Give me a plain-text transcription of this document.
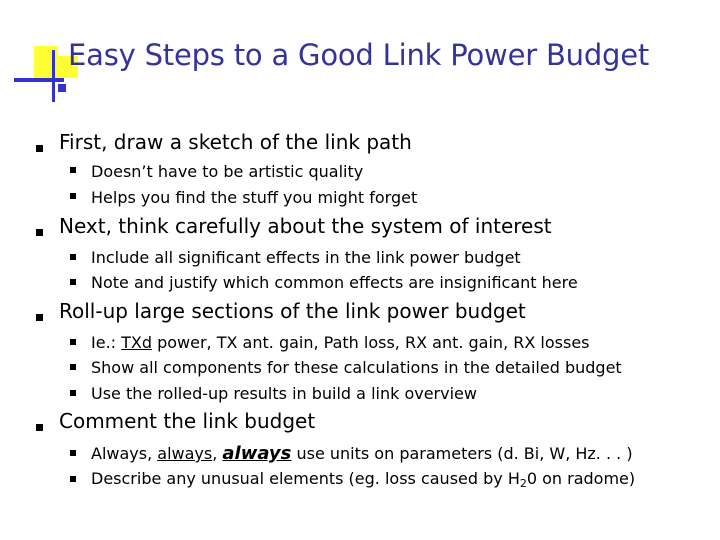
Easy Steps to a Good Link Power Budget
First, draw a sketch of the link path
Doesn’t have to be artistic quality
Helps you find the stuff you might forget
Next, think carefully about the system of interest
Include all significant effects in the link power budget
Note and justify which common effects are insignificant here
Roll-up large sections of the link power budget
Ie.: TXd power, TX ant. gain, Path loss, RX ant. gain, RX losses
Show all components for these calculations in the detailed budget
Use the rolled-up results in build a link overview
Comment the link budget
Always, always, always use units on parameters (d. Bi, W, Hz. . . )
Describe any unusual elements (eg. loss caused by $H_20$ on radome)
